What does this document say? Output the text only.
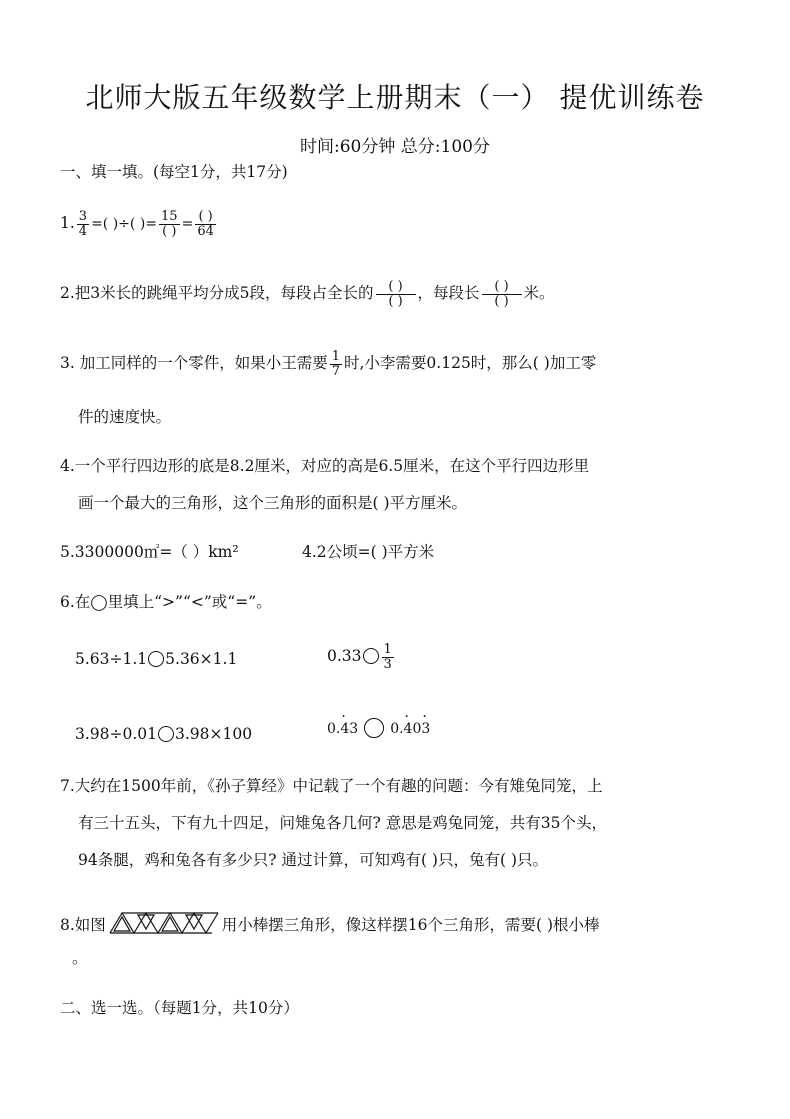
北师大版五年级数学上册期末（一） 提优训练卷
时间:60分钟 总分:100分
一、填一填。(每空1分，共17分)
1. $\frac{3}{4}$ =( )÷( )= $\frac{15}{( )} = \frac{( )}{64}$
2.把3米长的跳绳平均分成5段，每段占全长的 $\frac{( )}{( )}$ ，每段长 $\frac{( )}{( )}$ 米。
3. 加工同样的一个零件，如果小王需要 $\frac{1}{7}$ 时,小李需要0.125时，那么( )加工零
件的速度快。
4.一个平行四边形的底是8.2厘米，对应的高是6.5厘米，在这个平行四边形里
画一个最大的三角形，这个三角形的面积是( )平方厘米。
5.3300000㎡=（ ）km²	4.2公顷=( )平方米
6.在◯里填上“>”“<”或“=”。
5.63÷1.1 5.36×1.1	$0.33 \frac{1}{3}$
3.98÷0.01 3.98×100	0.· 43 0.· 40· 3
7.大约在1500年前，《孙子算经》中记载了一个有趣的问题：今有雉兔同笼，上
有三十五头，下有九十四足，问雉兔各几何? 意思是鸡兔同笼，共有35个头，
94条腿，鸡和兔各有多少只? 通过计算，可知鸡有( )只，兔有( )只。
8.如图	用小棒摆三角形，像这样摆16个三角形，需要( )根小棒
。
二、选一选。（每题1分，共10分）
